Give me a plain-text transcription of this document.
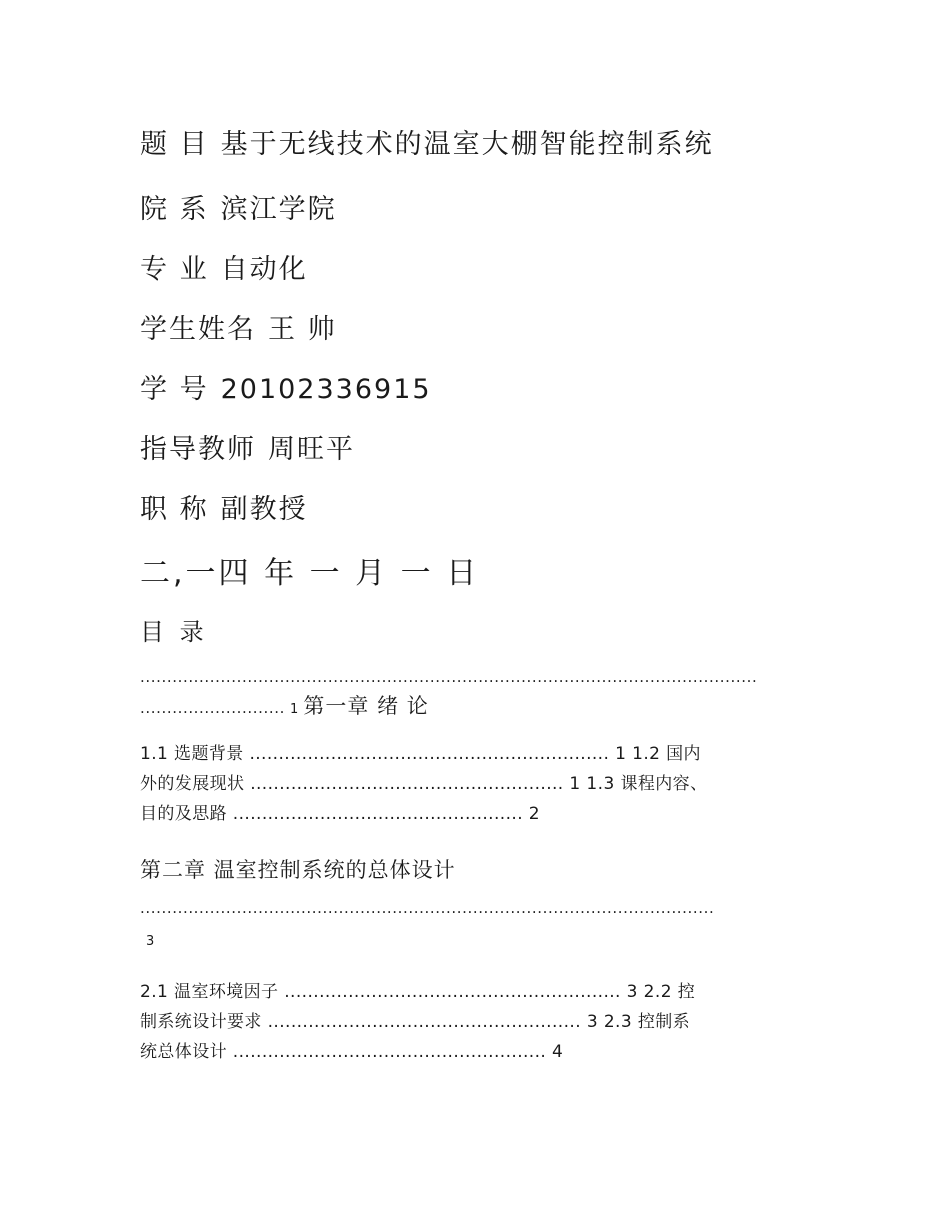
题 目 基于无线技术的温室大棚智能控制系统
院 系 滨江学院
专 业 自动化
学生姓名 王 帅
学 号 20102336915
指导教师 周旺平
职 称 副教授
二,一四 年 一 月 一 日
目 录
...................................................................................................................
........................... 1 第一章 绪 论
1.1 选题背景 .............................................................. 1 1.2 国内
外的发展现状 ...................................................... 1 1.3 课程内容、
目的及思路 .................................................. 2
第二章 温室控制系统的总体设计
...........................................................................................................
3
2.1 温室环境因子 .......................................................... 3 2.2 控
制系统设计要求 ...................................................... 3 2.3 控制系
统总体设计 ...................................................... 4
